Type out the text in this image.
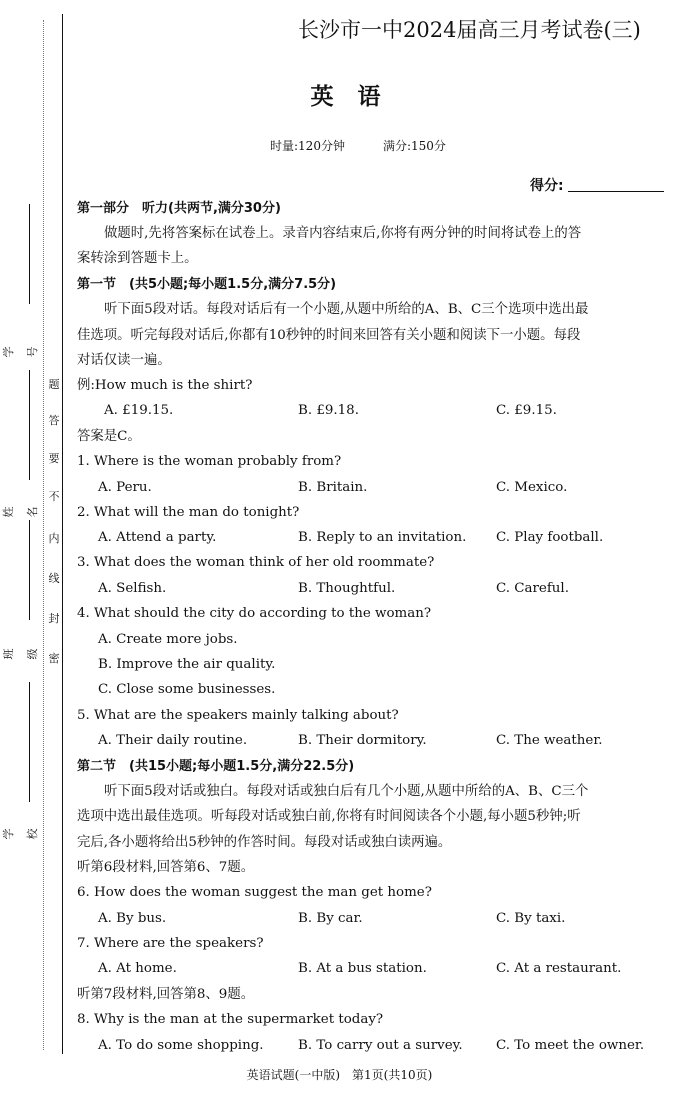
题
答
要
不
内
线
封
密
学号
姓名
班级
学校
长沙市一中2024届高三月考试卷(三)
英语
时量:120分钟	满分:150分
得分:
第一部分　听力(共两节,满分30分)
做题时,先将答案标在试卷上。录音内容结束后,你将有两分钟的时间将试卷上的答
案转涂到答题卡上。
第一节　(共5小题;每小题1.5分,满分7.5分)
听下面5段对话。每段对话后有一个小题,从题中所给的A、B、C三个选项中选出最
佳选项。听完每段对话后,你都有10秒钟的时间来回答有关小题和阅读下一小题。每段
对话仅读一遍。
例:How much is the shirt?
A. £19.15.	B. £9.18.	C. £9.15.
答案是C。
1. Where is the woman probably from?
A. Peru.	B. Britain.	C. Mexico.
2. What will the man do tonight?
A. Attend a party.	B. Reply to an invitation. C. Play football.
3. What does the woman think of her old roommate?
A. Selfish.	B. Thoughtful.	C. Careful.
4. What should the city do according to the woman?
A. Create more jobs.
B. Improve the air quality.
C. Close some businesses.
5. What are the speakers mainly talking about?
A. Their daily routine.	B. Their dormitory.	C. The weather.
第二节　(共15小题;每小题1.5分,满分22.5分)
听下面5段对话或独白。每段对话或独白后有几个小题,从题中所给的A、B、C三个
选项中选出最佳选项。听每段对话或独白前,你将有时间阅读各个小题,每小题5秒钟;听
完后,各小题将给出5秒钟的作答时间。每段对话或独白读两遍。
听第6段材料,回答第6、7题。
6. How does the woman suggest the man get home?
A. By bus.	B. By car.	C. By taxi.
7. Where are the speakers?
A. At home.	B. At a bus station.	C. At a restaurant.
听第7段材料,回答第8、9题。
8. Why is the man at the supermarket today?
A. To do some shopping.	B. To carry out a survey. C. To meet the owner.
英语试题(一中版)　第1页(共10页)
